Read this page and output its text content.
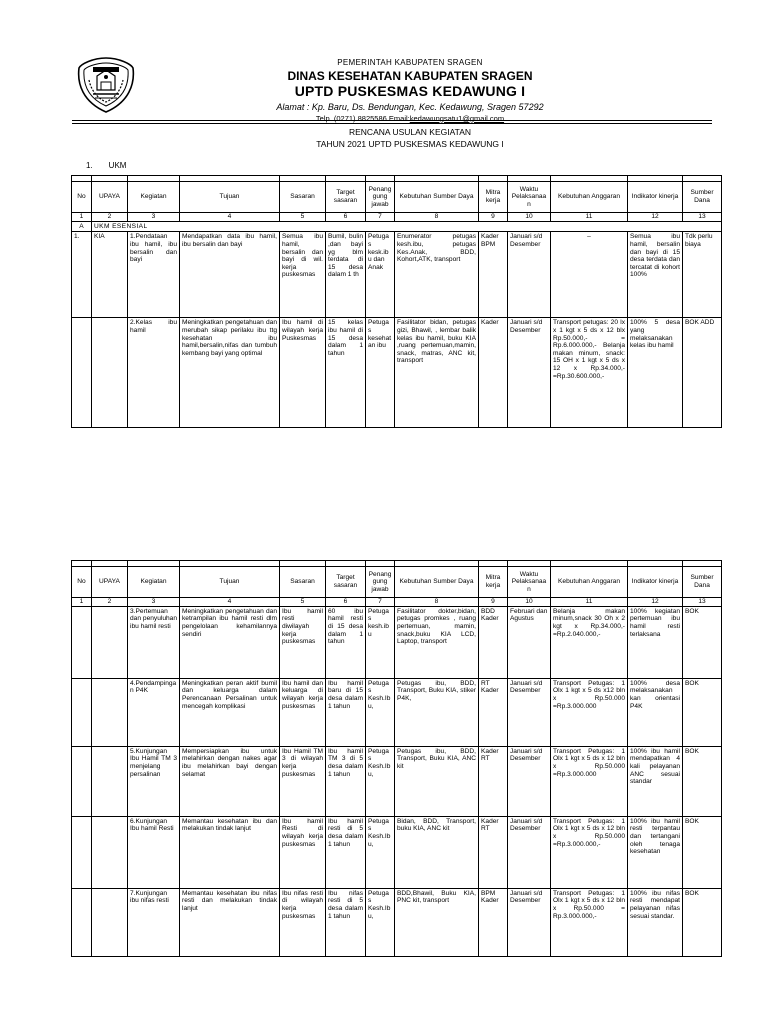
PEMERINTAH KABUPATEN SRAGEN
DINAS KESEHATAN KABUPATEN SRAGEN
UPTD PUSKESMAS KEDAWUNG I
Alamat : Kp. Baru, Ds. Bendungan, Kec. Kedawung, Sragen 57292
Telp. (0271) 8825586 Email:kedawungsatu1@gmail.com
RENCANA USULAN KEGIATAN
TAHUN 2021 UPTD PUSKESMAS KEDAWUNG I
1. UKM

No	UPAYA	Kegiatan	Tujuan	Sasaran	Target sasaran	Penang gung jawab	Kebutuhan Sumber Daya	Mitra kerja	Waktu Pelaksanaan	Kebutuhan Anggaran	Indikator kinerja	Sumber Dana
1	2	3	4	5	6	7	8	9	10	11	12	13
A	UKM ESENSIAL											
1.	KIA	1.Pendataan ibu hamil, ibu bersalin dan bayi	Mendapatkan data ibu hamil, ibu bersalin dan bayi	Semua ibu hamil, bersalin dan bayi di wil. kerja puskesmas	Bumil, bulin ,dan bayi yg blm terdata di 15 desa dalam 1 th	Petugas kesk.ibu dan Anak	Enumerator petugas kesh.ibu, petugas Kes.Anak, BDD, Kohort,ATK, transport	Kader BPM	Januari s/d Desember	–	Semua ibu hamil, bersalin dan bayi di 15 desa terdata dan tercatat di kohort 100%	Tdk perlu biaya
		2.Kelas ibu hamil	Meningkatkan pengetahuan dan merubah sikap perilaku ibu ttg kesehatan ibu hamil,bersalin,nifas dan tumbuh kembang bayi yang optimal	Ibu hamil di wilayah kerja Puskesmas	15 kelas ibu hamil di 15 desa dalam 1 tahun	Petugas kesehatan ibu	Fasilitator bidan, petugas gizi, Bhawil, , lembar balik kelas ibu hamil, buku KIA ,ruang pertemuan,mamin, snack, matras, ANC kit, transport	Kader	Januari s/d Desember	Transport petugas: 20 lx x 1 kgt x 5 ds x 12 blx Rp.50.000,- = Rp.6.000.000,- Belanja makan minum, snack: 15 OH x 1 kgt x 5 ds x 12 x Rp.34.000,- =Rp.30.600.000,-	100% 5 desa yang melaksanakan kelas ibu hamil	BOK ADD

No	UPAYA	Kegiatan	Tujuan	Sasaran	Target sasaran	Penang gung jawab	Kebutuhan Sumber Daya	Mitra kerja	Waktu Pelaksanaan	Kebutuhan Anggaran	Indikator kinerja	Sumber Dana
1	2	3	4	5	6	7	8	9	10	11	12	13
		3.Pertemuan dan penyuluhan ibu hamil resti	Meningkatkan pengetahuan dan ketrampilan ibu hamil resti dlm pengelolaan kehamilannya sendiri	Ibu hamil resti diwilayah kerja puskesmas	60 ibu hamil resti di 15 desa dalam 1 tahun	Petugas kesh.ibu	Fasilitator dokter,bidan, petugas promkes , ruang pertemuan, mamin, snack,buku KIA LCD, Laptop, transport	BDD Kader	Februari dan Agustus	Belanja makan minum,snack 30 Oh x 2 kgt x Rp.34.000,- =Rp.2.040.000,-	100% kegiatan pertemuan ibu hamil resti terlaksana	BOK
		4.Pendampingan P4K	Meningkatkan peran aktif bumil dan keluarga dalam Perencanaan Persalinan untuk mencegah komplikasi	Ibu hamil dan keluarga di wilayah kerja puskesmas	Ibu hamil baru di 15 desa dalam 1 tahun	Petugas Kesh.Ibu,	Petugas ibu, BDD, Transport, Buku KIA, stiker P4K,	RT Kader	Januari s/d Desember	Transport Petugas: 1 Olx 1 kgt x 5 ds x12 bln x Rp.50.000 =Rp.3.000.000	100% desa melaksanakan kan orientasi P4K	BOK
		5.Kunjungan Ibu Hamil TM 3 menjelang persalinan	Mempersiapkan ibu untuk melahirkan dengan nakes agar ibu melahirkan bayi dengan selamat	Ibu Hamil TM 3 di wilayah kerja puskesmas	Ibu hamil TM 3 di 5 desa dalam 1 tahun	Petugas Kesh.Ibu,	Petugas ibu, BDD, Transport, Buku KIA, ANC kit	Kader RT	Januari s/d Desember	Transport Petugas: 1 Olx 1 kgt x 5 ds x 12 bln x Rp.50.000 =Rp.3.000.000	100% ibu hamil mendapatkan 4 kali pelayanan ANC sesuai standar	BOK
		6.Kunjungan Ibu hamil Resti	Memantau kesehatan ibu dan melakukan tindak lanjut	Ibu hamil Resti di wilayah kerja puskesmas	Ibu hamil resti di 5 desa dalam 1 tahun	Petugas Kesh.Ibu,	Bidan, BDD, Transport, buku KIA, ANC kit	Kader RT	Januari s/d Desember	Transport Petugas: 1 Olx 1 kgt x 5 ds x 12 bln x Rp.50.000 =Rp.3.000.000,-	100% ibu hamil resti terpantau dan tertangani oleh tenaga kesehatan	BOK
		7.Kunjungan ibu nifas resti	Memantau kesehatan ibu nifas resti dan melakukan tindak lanjut	Ibu nifas resti di wilayah kerja puskesmas	Ibu nifas resti di 5 desa dalam 1 tahun	Petugas Kesh.Ibu,	BDD,Bhawil, Buku KIA, PNC kit, transport	BPM Kader	Januari s/d Desember	Transport Petugas: 1 Olx 1 kgt x 5 ds x 12 bln x Rp.50.000 = Rp.3.000.000,-	100% ibu nifas resti mendapat pelayanan nifas sesuai standar.	BOK
